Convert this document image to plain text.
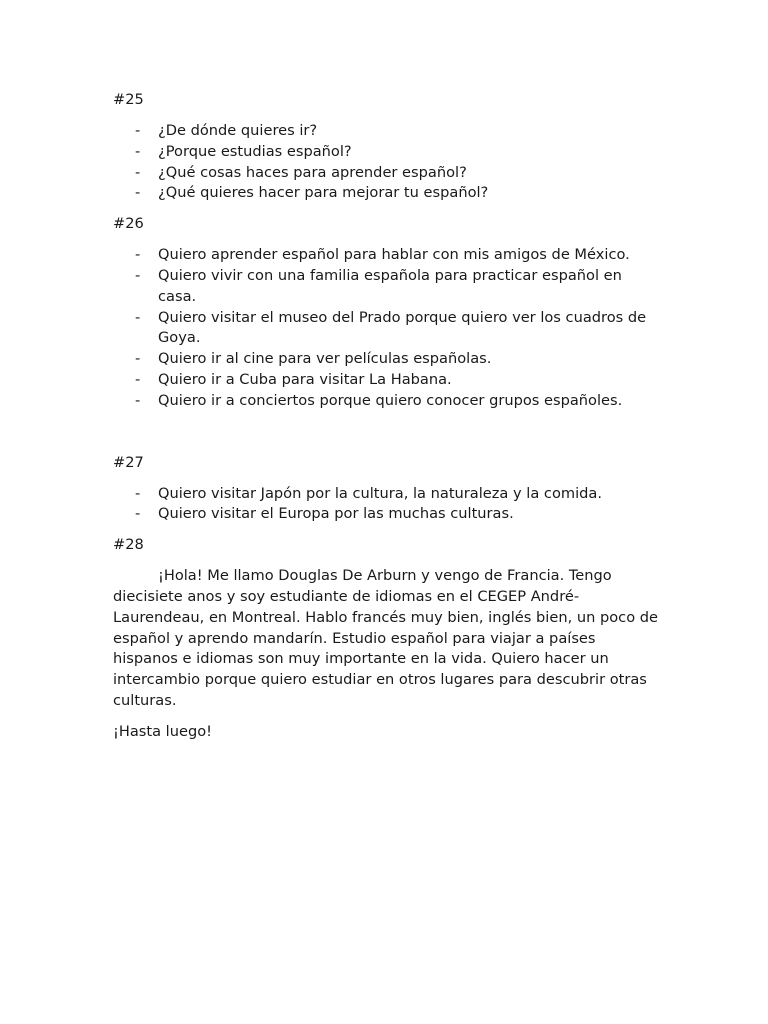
#25

- ¿De dónde quieres ir?
- ¿Porque estudias español?
- ¿Qué cosas haces para aprender español?
- ¿Qué quieres hacer para mejorar tu español?

#26

- Quiero aprender español para hablar con mis amigos de México.
- Quiero vivir con una familia española para practicar español en casa.
- Quiero visitar el museo del Prado porque quiero ver los cuadros de Goya.
- Quiero ir al cine para ver películas españolas.
- Quiero ir a Cuba para visitar La Habana.
- Quiero ir a conciertos porque quiero conocer grupos españoles.

#27

- Quiero visitar Japón por la cultura, la naturaleza y la comida.
- Quiero visitar el Europa por las muchas culturas.

#28

¡Hola! Me llamo Douglas De Arburn y vengo de Francia. Tengo diecisiete anos y soy estudiante de idiomas en el CEGEP André-Laurendeau, en Montreal. Hablo francés muy bien, inglés bien, un poco de español y aprendo mandarín. Estudio español para viajar a países hispanos e idiomas son muy importante en la vida. Quiero hacer un intercambio porque quiero estudiar en otros lugares para descubrir otras culturas.

¡Hasta luego!
